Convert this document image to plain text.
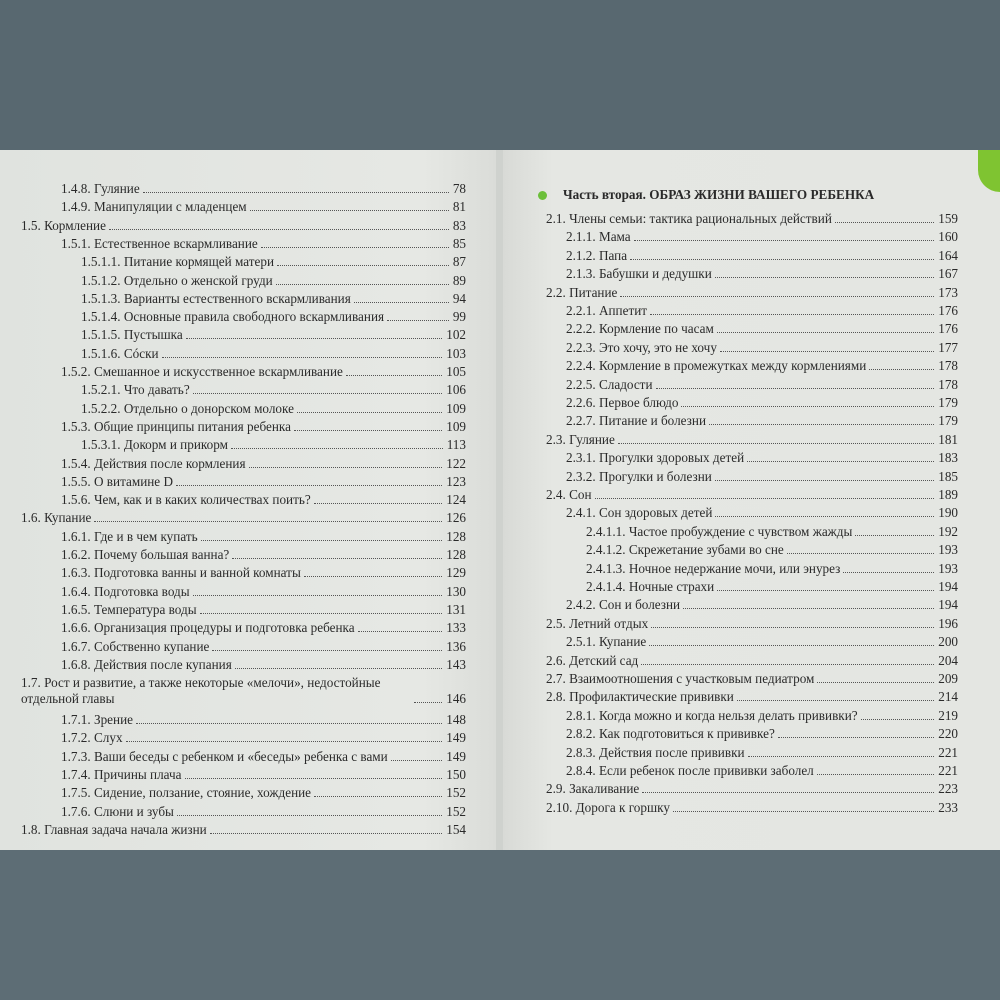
1.4.8. Гуляние	78
1.4.9. Манипуляции с младенцем	81
1.5. Кормление	83
1.5.1. Естественное вскармливание	85
1.5.1.1. Питание кормящей матери	87
1.5.1.2. Отдельно о женской груди	89
1.5.1.3. Варианты естественного вскармливания	94
1.5.1.4. Основные правила свободного вскармливания	99
1.5.1.5. Пустышка	102
1.5.1.6. Сóски	103
1.5.2. Смешанное и искусственное вскармливание	105
1.5.2.1. Что давать?	106
1.5.2.2. Отдельно о донорском молоке	109
1.5.3. Общие принципы питания ребенка	109
1.5.3.1. Докорм и прикорм	113
1.5.4. Действия после кормления	122
1.5.5. О витамине D	123
1.5.6. Чем, как и в каких количествах поить?	124
1.6. Купание	126
1.6.1. Где и в чем купать	128
1.6.2. Почему большая ванна?	128
1.6.3. Подготовка ванны и ванной комнаты	129
1.6.4. Подготовка воды	130
1.6.5. Температура воды	131
1.6.6. Организация процедуры и подготовка ребенка	133
1.6.7. Собственно купание	136
1.6.8. Действия после купания	143
1.7. Рост и развитие, а также некоторые «мелочи», недостойные отдельной главы	146
1.7.1. Зрение	148
1.7.2. Слух	149
1.7.3. Ваши беседы с ребенком и «беседы» ребенка с вами	149
1.7.4. Причины плача	150
1.7.5. Сидение, ползание, стояние, хождение	152
1.7.6. Слюни и зубы	152
1.8. Главная задача начала жизни	154
2.1. Члены семьи: тактика рациональных действий	159
2.1.1. Мама	160
2.1.2. Папа	164
2.1.3. Бабушки и дедушки	167
2.2. Питание	173
2.2.1. Аппетит	176
2.2.2. Кормление по часам	176
2.2.3. Это хочу, это не хочу	177
2.2.4. Кормление в промежутках между кормлениями	178
2.2.5. Сладости	178
2.2.6. Первое блюдо	179
2.2.7. Питание и болезни	179
2.3. Гуляние	181
2.3.1. Прогулки здоровых детей	183
2.3.2. Прогулки и болезни	185
2.4. Сон	189
2.4.1. Сон здоровых детей	190
2.4.1.1. Частое пробуждение с чувством жажды	192
2.4.1.2. Скрежетание зубами во сне	193
2.4.1.3. Ночное недержание мочи, или энурез	193
2.4.1.4. Ночные страхи	194
2.4.2. Сон и болезни	194
2.5. Летний отдых	196
2.5.1. Купание	200
2.6. Детский сад	204
2.7. Взаимоотношения с участковым педиатром	209
2.8. Профилактические прививки	214
2.8.1. Когда можно и когда нельзя делать прививки?	219
2.8.2. Как подготовиться к прививке?	220
2.8.3. Действия после прививки	221
2.8.4. Если ребенок после прививки заболел	221
2.9. Закаливание	223
2.10. Дорога к горшку	233
Часть вторая. ОБРАЗ ЖИЗНИ ВАШЕГО РЕБЕНКА
